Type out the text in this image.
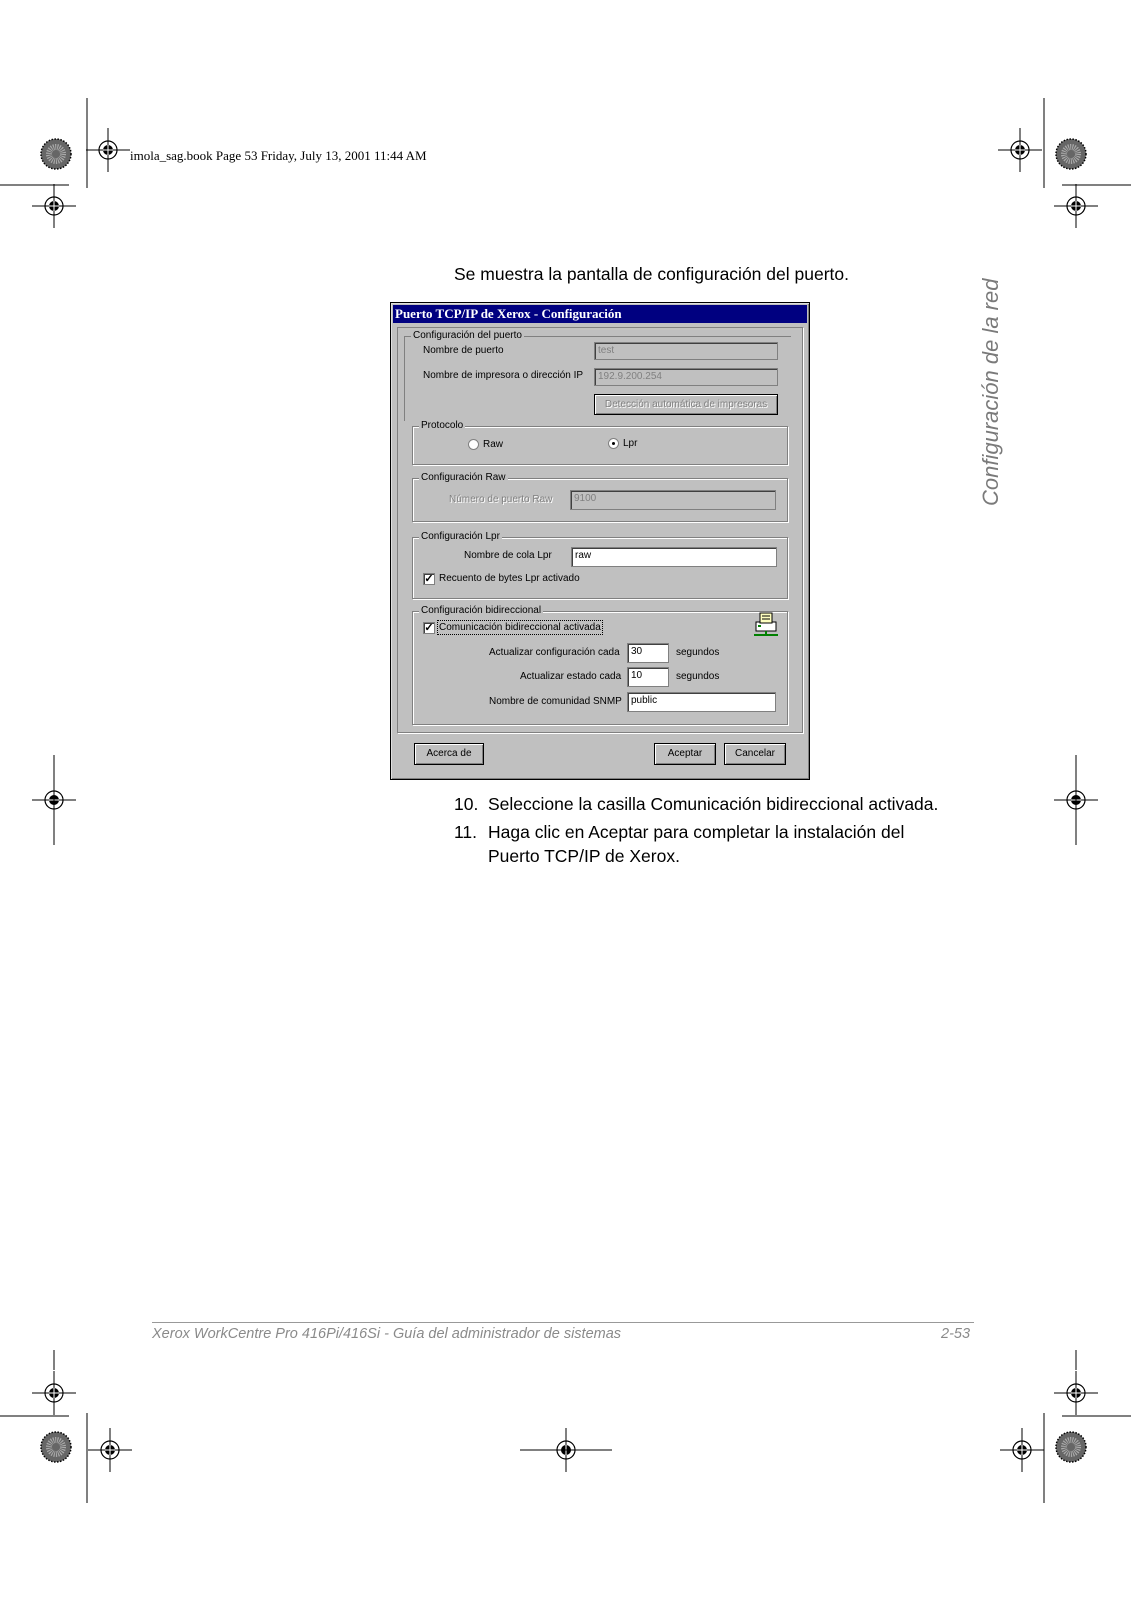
imola_sag.book Page 53 Friday, July 13, 2001 11:44 AM
Configuración de la red
Se muestra la pantalla de configuración del puerto.
Puerto TCP/IP de Xerox - Configuración
Configuración del puerto
Nombre de puerto	test
Nombre de impresora o dirección IP	192.9.200.254
Detección automática de impresoras
Protocolo
Raw	Lpr
Configuración Raw
Número de puerto Raw	9100
Configuración Lpr
Nombre de cola Lpr	raw
✓ Recuento de bytes Lpr activado
Configuración bidireccional
✓ Comunicación bidireccional activada
Actualizar configuración cada	30	segundos
Actualizar estado cada 10	segundos
Nombre de comunidad SNMP public
Acerca de	Aceptar	Cancelar
10. Seleccione la casilla Comunicación bidireccional activada.
11. Haga clic en Aceptar para completar la instalación del
Puerto TCP/IP de Xerox.
Xerox WorkCentre Pro 416Pi/416Si - Guía del administrador de sistemas	2-53
